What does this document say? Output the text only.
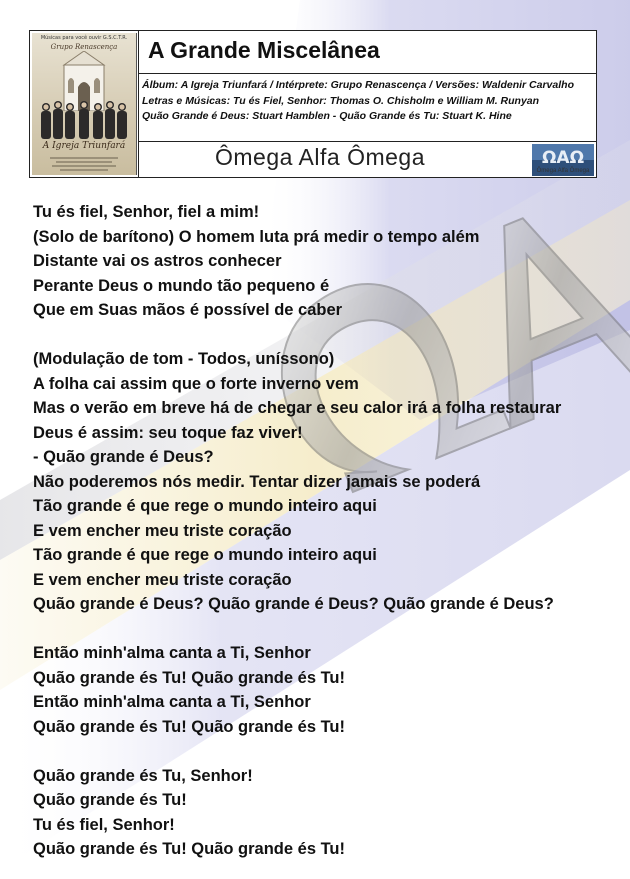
Músicas para você ouvir G.S.C.T.R.
Grupo Renascença
A Igreja Triunfará
A Grande Miscelânea
Álbum: A Igreja Triunfará / Intérprete: Grupo Renascença / Versões: Waldenir Carvalho
Letras e Músicas: Tu és Fiel, Senhor: Thomas O. Chisholm e William M. Runyan
Quão Grande é Deus: Stuart Hamblen - Quão Grande és Tu: Stuart K. Hine
Ômega Alfa Ômega	ΩAΩ
Ômega Alfa Ômega
Tu és fiel, Senhor, fiel a mim!
(Solo de barítono) O homem luta prá medir o tempo além
Distante vai os astros conhecer
Perante Deus o mundo tão pequeno é
Que em Suas mãos é possível de caber
(Modulação de tom - Todos, uníssono)
A folha cai assim que o forte inverno vem
Mas o verão em breve há de chegar e seu calor irá a folha restaurar
Deus é assim: seu toque faz viver!
- Quão grande é Deus?
Não poderemos nós medir. Tentar dizer jamais se poderá
Tão grande é que rege o mundo inteiro aqui
E vem encher meu triste coração
Tão grande é que rege o mundo inteiro aqui
E vem encher meu triste coração
Quão grande é Deus? Quão grande é Deus? Quão grande é Deus?
Então minh'alma canta a Ti, Senhor
Quão grande és Tu! Quão grande és Tu!
Então minh'alma canta a Ti, Senhor
Quão grande és Tu! Quão grande és Tu!
Quão grande és Tu, Senhor!
Quão grande és Tu!
Tu és fiel, Senhor!
Quão grande és Tu! Quão grande és Tu!
